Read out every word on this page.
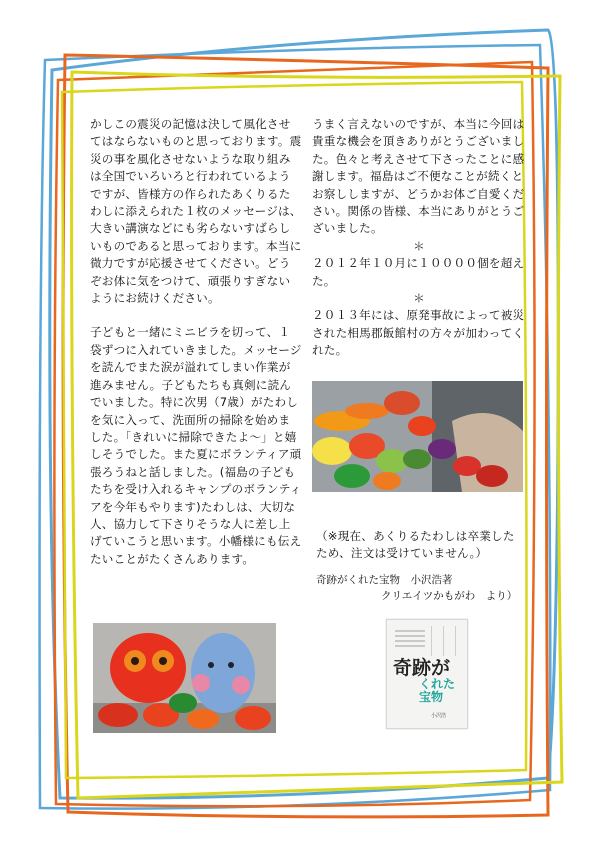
かしこの震災の記憶は決して風化させてはならないものと思っております。震災の事を風化させないような取り組みは全国でいろいろと行われているようですが、皆様方の作られたあくりるたわしに添えられた１枚のメッセージは、大きい講演などにも劣らないすばらしいものであると思っております。本当に微力ですが応援させてください。どうぞお体に気をつけて、頑張りすぎないようにお続けください。

子どもと一緒にミニビラを切って、１袋ずつに入れていきました。メッセージを読んでまた涙が溢れてしまい作業が進みません。子どもたちも真剣に読んでいました。特に次男（7歳）がたわしを気に入って、洗面所の掃除を始めました。｢きれいに掃除できたよ～」と嬉しそうでした。また夏にボランティア頑張ろうねと話しました。(福島の子どもたちを受け入れるキャンプのボランティアを今年もやります)たわしは、大切な人、協力して下さりそうな人に差し上げていこうと思います。小幡様にも伝えたいことがたくさんあります。

うまく言えないのですが、本当に今回は貴重な機会を頂きありがとうございました。色々と考えさせて下さったことに感謝します。福島はご不便なことが続くとお察ししますが、どうかお体ご自愛ください。関係の皆様、本当にありがとうございました。

＊

２０１２年１０月に１００００個を超えた。

＊

２０１３年には、原発事故によって被災された相馬郡飯館村の方々が加わってくれた。

（※現在、あくりるたわしは卒業したため、注文は受けていません。）

奇跡がくれた宝物　小沢浩著

クリエイツかもがわ　より）

奇跡が
くれた
宝物
小沢浩
